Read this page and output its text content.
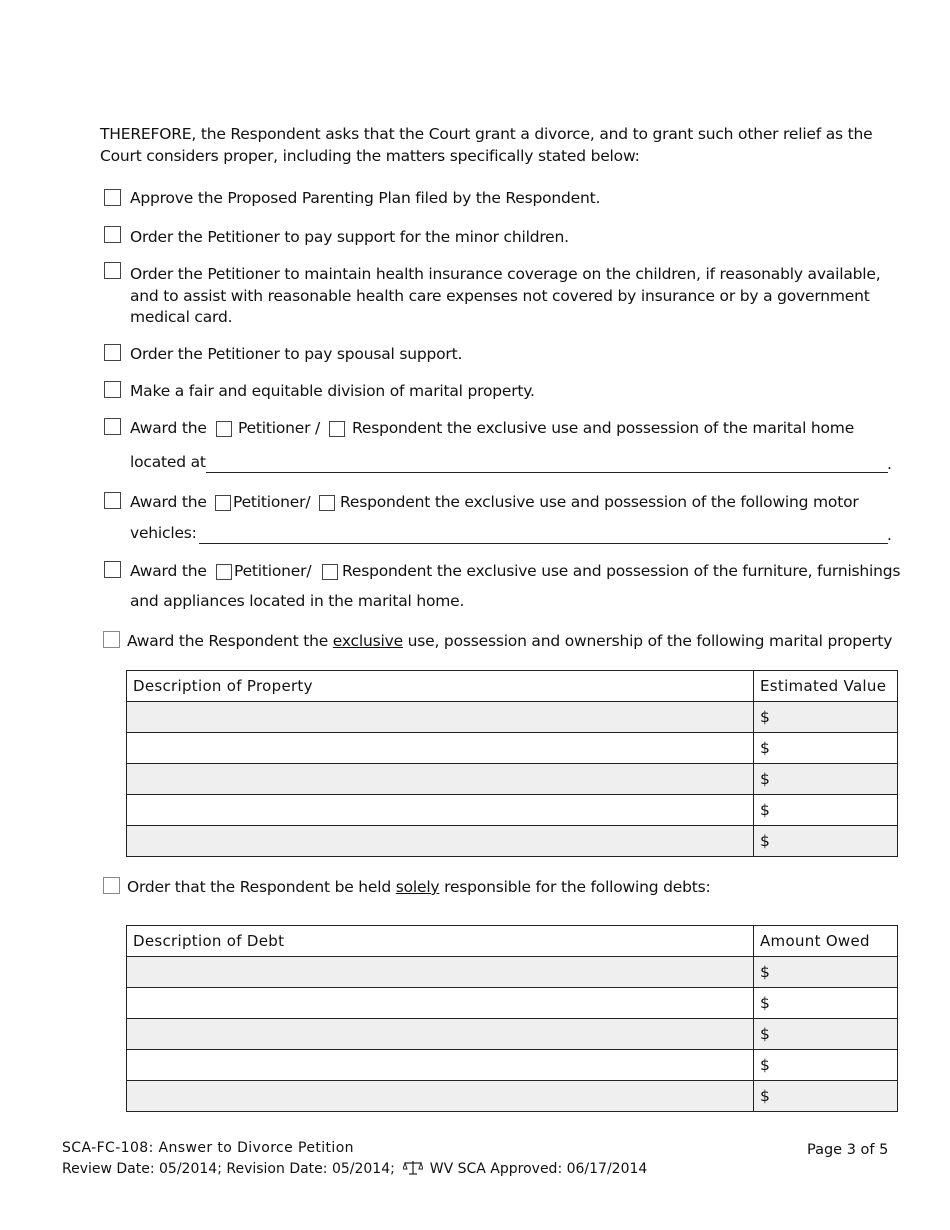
THEREFORE, the Respondent asks that the Court grant a divorce, and to grant such other relief as the
Court considers proper, including the matters specifically stated below:
Approve the Proposed Parenting Plan filed by the Respondent.
Order the Petitioner to pay support for the minor children.
Order the Petitioner to maintain health insurance coverage on the children, if reasonably available,
and to assist with reasonable health care expenses not covered by insurance or by a government
medical card.
Order the Petitioner to pay spousal support.
Make a fair and equitable division of marital property.
Award the Petitioner / Respondent the exclusive use and possession of the marital home
located at	.
Award the Petitioner/ Respondent the exclusive use and possession of the following motor
vehicles:	.
Award the Petitioner/ Respondent the exclusive use and possession of the furniture, furnishings
and appliances located in the marital home.
Award the Respondent the exclusive use, possession and ownership of the following marital property
Description of Property	Estimated Value
	$
	$
	$
	$
	$
Order that the Respondent be held solely responsible for the following debts:
Description of Debt	Amount Owed
	$
	$
	$
	$
	$
SCA-FC-108: Answer to Divorce Petition
Review Date: 05/2014; Revision Date: 05/2014; WV SCA Approved: 06/17/2014
Page 3 of 5
